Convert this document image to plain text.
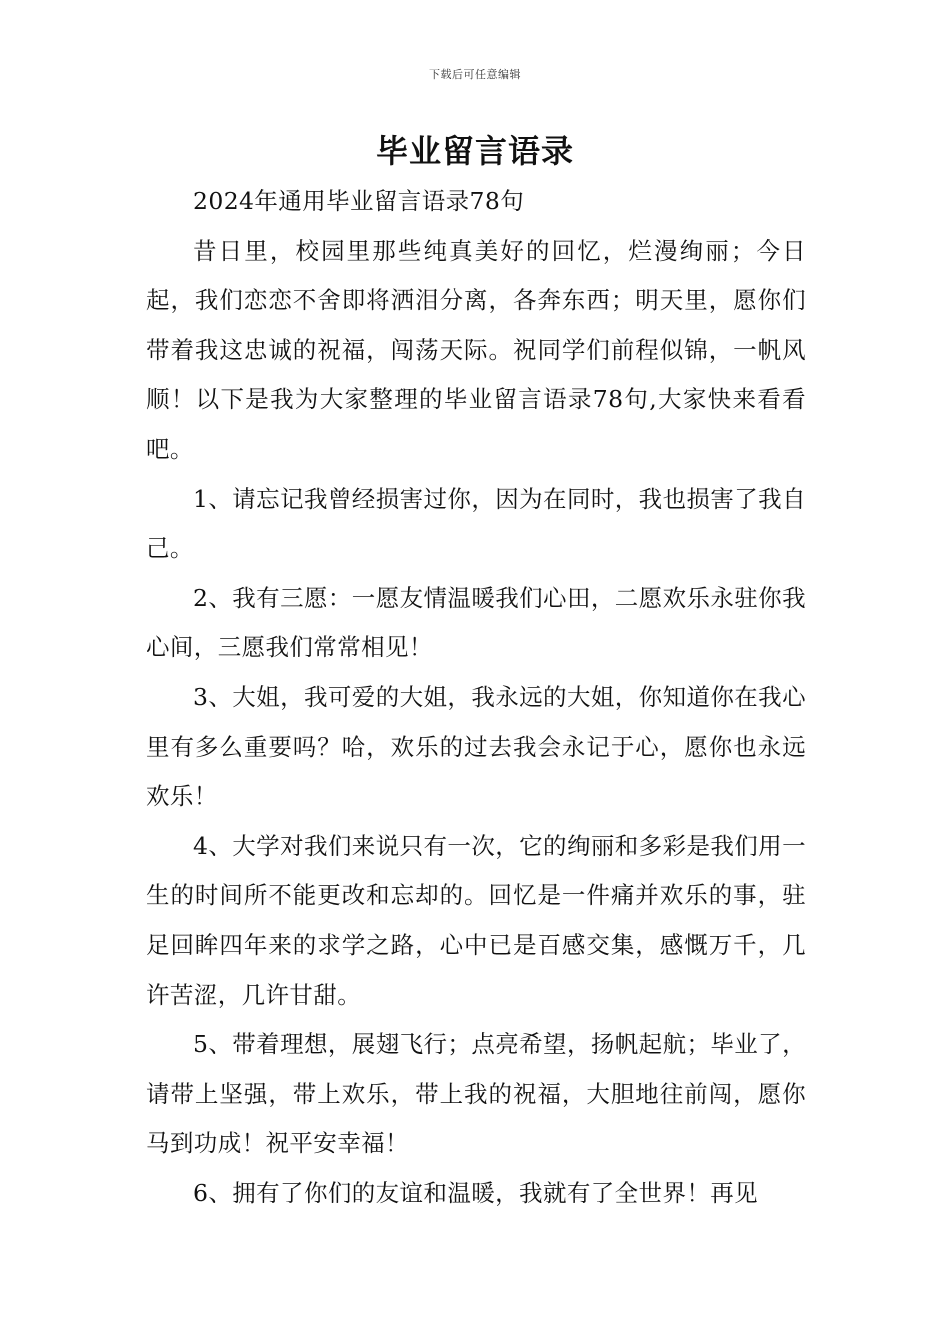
下载后可任意编辑
毕业留言语录

2024年通用毕业留言语录78句

昔日里，校园里那些纯真美好的回忆，烂漫绚丽；今日起，我们恋恋不舍即将洒泪分离，各奔东西；明天里，愿你们带着我这忠诚的祝福，闯荡天际。祝同学们前程似锦，一帆风顺！以下是我为大家整理的毕业留言语录78句,大家快来看看吧。

1、请忘记我曾经损害过你，因为在同时，我也损害了我自己。

2、我有三愿：一愿友情温暖我们心田，二愿欢乐永驻你我心间，三愿我们常常相见！

3、大姐，我可爱的大姐，我永远的大姐，你知道你在我心里有多么重要吗？哈，欢乐的过去我会永记于心，愿你也永远欢乐！

4、大学对我们来说只有一次，它的绚丽和多彩是我们用一生的时间所不能更改和忘却的。回忆是一件痛并欢乐的事，驻足回眸四年来的求学之路，心中已是百感交集，感慨万千，几许苦涩，几许甘甜。

5、带着理想，展翅飞行；点亮希望，扬帆起航；毕业了，请带上坚强，带上欢乐，带上我的祝福，大胆地往前闯，愿你马到功成！祝平安幸福！

6、拥有了你们的友谊和温暖，我就有了全世界！再见
